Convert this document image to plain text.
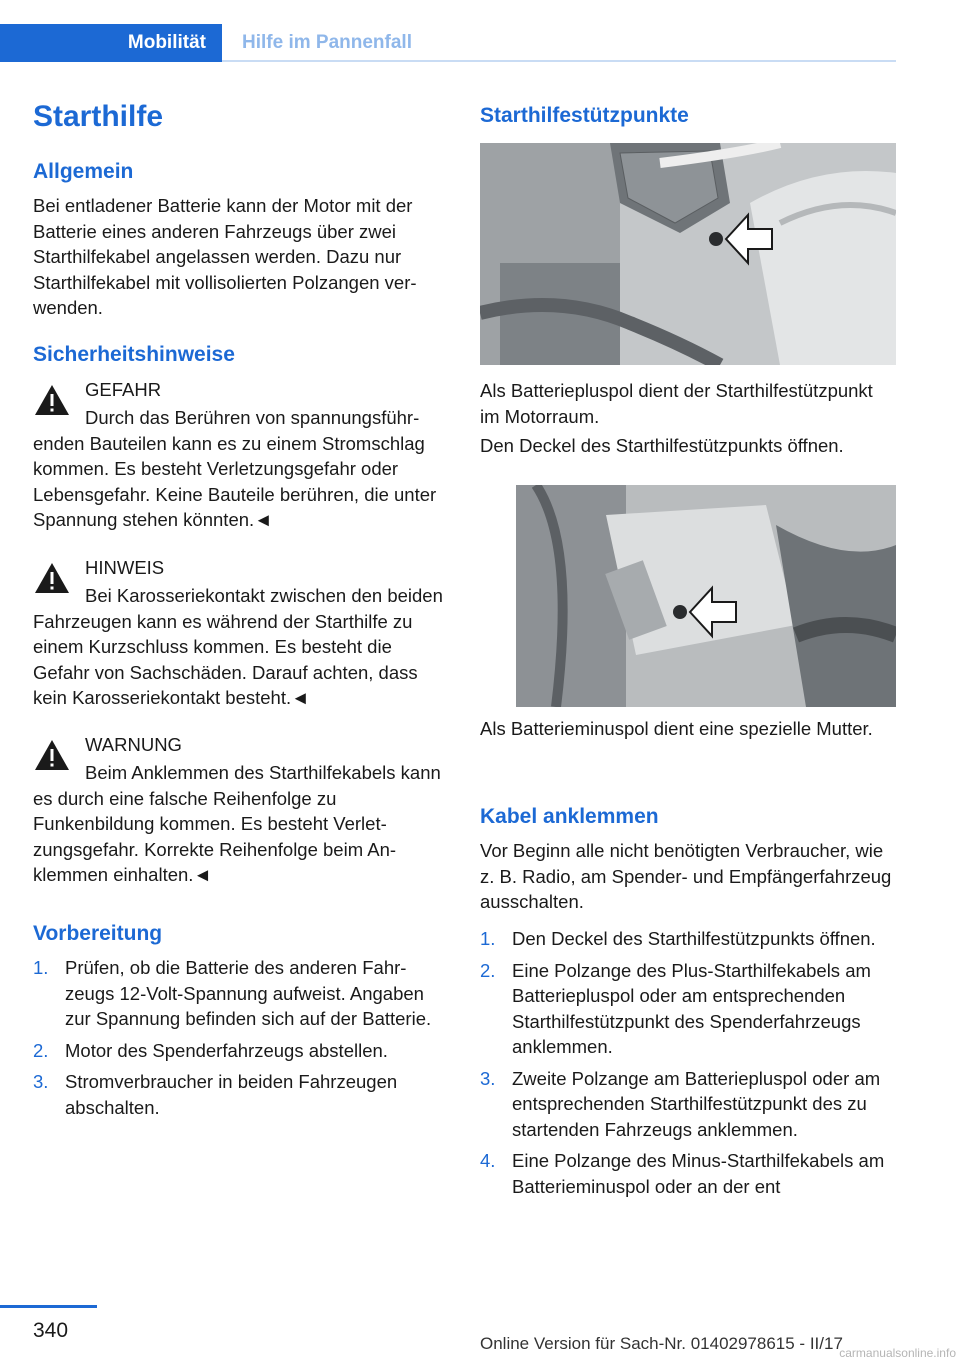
Mobilität	Hilfe im Pannenfall
Starthilfe
Allgemein

Bei entladener Batterie kann der Motor mit der Batterie eines anderen Fahrzeugs über zwei Starthilfekabel angelassen werden. Dazu nur Starthilfekabel mit vollisolierten Polzangen verwenden.

Sicherheitshinweise
GEFAHR

Durch das Berühren von spannungsführenden Bauteilen kann es zu einem Stromschlag kommen. Es besteht Verletzungsgefahr oder Lebensgefahr. Keine Bauteile berühren, die unter Spannung stehen könnten.◄

HINWEIS

Bei Karosseriekontakt zwischen den beiden Fahrzeugen kann es während der Starthilfe zu einem Kurzschluss kommen. Es besteht die Gefahr von Sachschäden. Darauf achten, dass kein Karosseriekontakt besteht.◄

WARNUNG

Beim Anklemmen des Starthilfekabels kann es durch eine falsche Reihenfolge zu Funkenbildung kommen. Es besteht Verletzungsgefahr. Korrekte Reihenfolge beim Anklemmen einhalten.◄

Vorbereitung
1. Prüfen, ob die Batterie des anderen Fahrzeugs 12-Volt-Spannung aufweist. Angaben zur Spannung befinden sich auf der Batterie.
2. Motor des Spenderfahrzeugs abstellen.
3. Stromverbraucher in beiden Fahrzeugen abschalten.
Starthilfestützpunkte

Als Batteriepluspol dient der Starthilfestützpunkt im Motorraum.

Den Deckel des Starthilfestützpunkts öffnen.

Als Batterieminuspol dient eine spezielle Mutter.

Kabel anklemmen

Vor Beginn alle nicht benötigten Verbraucher, wie z. B. Radio, am Spender- und Empfängerfahrzeug ausschalten.

1. Den Deckel des Starthilfestützpunkts öffnen.
2. Eine Polzange des Plus-Starthilfekabels am Batteriepluspol oder am entsprechenden Starthilfestützpunkt des Spenderfahrzeugs anklemmen.
3. Zweite Polzange am Batteriepluspol oder am entsprechenden Starthilfestützpunkt des zu startenden Fahrzeugs anklemmen.
4. Eine Polzange des Minus-Starthilfekabels am Batterieminuspol oder an der ent
340
Online Version für Sach-Nr. 01402978615 - II/17
carmanualsonline.info
